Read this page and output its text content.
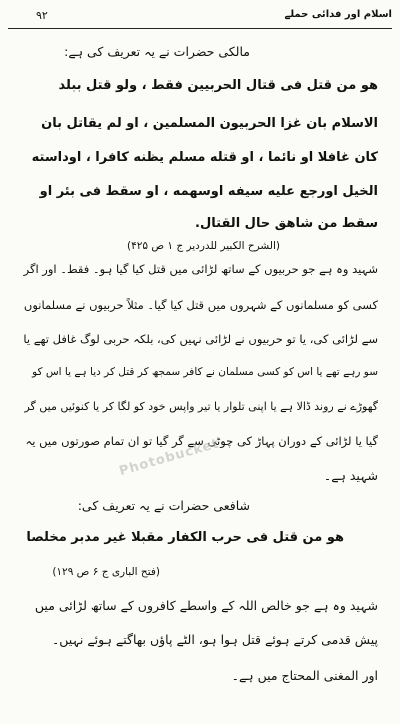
۹۲	اسلام اور فدائی حملے
مالکی حضرات نے یہ تعریف کی ہے:
هو من قتل فى قتال الحربيين فقط ، ولو قتل ببلد
الاسلام بان غزا الحربيون المسلمين ، او لم يقاتل بان
كان غافلا او نائما ، او قتله مسلم يظنه كافرا ، اوداسته
الخيل اورجع عليه سيفه اوسهمه ، او سقط فى بئر او
سقط من شاهق حال القتال.
(الشرح الکبیر للدردیر ج ۱ ص ۴۲۵)
شہید وہ ہے جو حربیوں کے ساتھ لڑائی میں قتل کیا گیا ہو۔ فقط۔ اور اگر
کسی کو مسلمانوں کے شہروں میں قتل کیا گیا۔ مثلاً حربیوں نے مسلمانوں
سے لڑائی کی، یا تو حربیوں نے لڑائی نہیں کی، بلکہ حربی لوگ غافل تھے یا
سو رہے تھے یا اس کو کسی مسلمان نے کافر سمجھ کر قتل کر دیا ہے یا اس کو
گھوڑے نے روند ڈالا ہے یا اپنی تلوار یا تیر واپس خود کو لگا کر یا کنوئیں میں گر
گیا یا لڑائی کے دوران پہاڑ کی چوٹی سے گر گیا تو ان تمام صورتوں میں یہ
شہید ہے۔
شافعی حضرات نے یہ تعریف کی:
هو من قتل فى حرب الكفار مقبلا غير مدبر مخلصا
(فتح الباری ج ۶ ص ۱۲۹)
شہید وہ ہے جو خالص اللہ کے واسطے کافروں کے ساتھ لڑائی میں
پیش قدمی کرتے ہوئے قتل ہوا ہو، الٹے پاؤں بھاگتے ہوئے نہیں۔
اور المغنی المحتاج میں ہے۔
Photobucket
